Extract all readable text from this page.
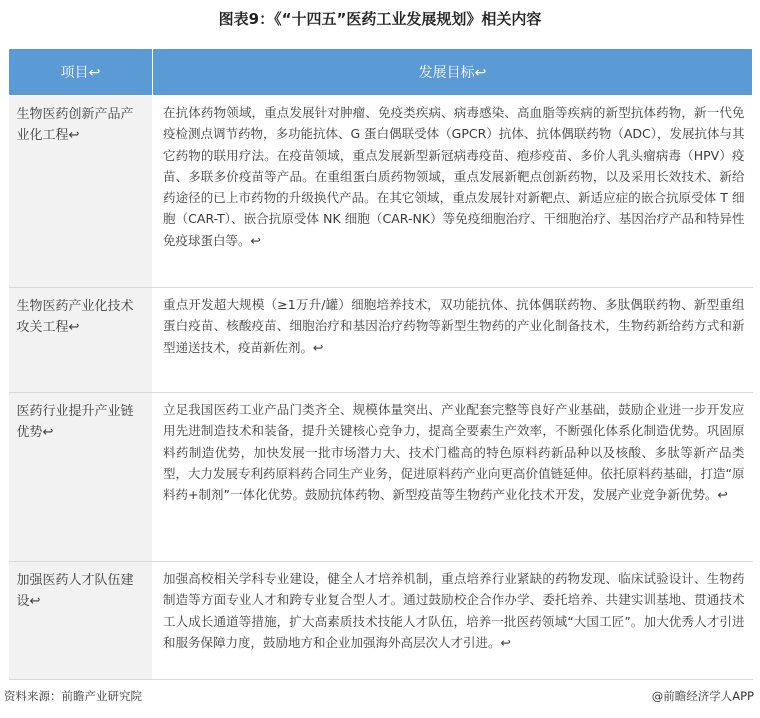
图表9：《“十四五”医药工业发展规划》相关内容
项目↩	发展目标↩
生物医药创新产品产业化工程↩	在抗体药物领域，重点发展针对肿瘤、免疫类疾病、病毒感染、高血脂等疾病的新型抗体药物，新一代免疫检测点调节药物，多功能抗体、G 蛋白偶联受体（GPCR）抗体、抗体偶联药物（ADC），发展抗体与其它药物的联用疗法。在疫苗领域，重点发展新型新冠病毒疫苗、疱疹疫苗、多价人乳头瘤病毒（HPV）疫苗、多联多价疫苗等产品。在重组蛋白质药物领域，重点发展新靶点创新药物，以及采用长效技术、新给药途径的已上市药物的升级换代产品。在其它领域，重点发展针对新靶点、新适应症的嵌合抗原受体 T 细胞（CAR-T）、嵌合抗原受体 NK 细胞（CAR-NK）等免疫细胞治疗、干细胞治疗、基因治疗产品和特异性免疫球蛋白等。↩
生物医药产业化技术攻关工程↩	重点开发超大规模（≥1万升/罐）细胞培养技术，双功能抗体、抗体偶联药物、多肽偶联药物、新型重组蛋白疫苗、核酸疫苗、细胞治疗和基因治疗药物等新型生物药的产业化制备技术，生物药新给药方式和新型递送技术，疫苗新佐剂。↩
医药行业提升产业链优势↩	立足我国医药工业产品门类齐全、规模体量突出、产业配套完整等良好产业基础，鼓励企业进一步开发应用先进制造技术和装备，提升关键核心竞争力，提高全要素生产效率，不断强化体系化制造优势。巩固原料药制造优势，加快发展一批市场潜力大、技术门槛高的特色原料药新品种以及核酸、多肽等新产品类型，大力发展专利药原料药合同生产业务，促进原料药产业向更高价值链延伸。依托原料药基础，打造“原料药+制剂”一体化优势。鼓励抗体药物、新型疫苗等生物药产业化技术开发，发展产业竞争新优势。↩
加强医药人才队伍建设↩	加强高校相关学科专业建设，健全人才培养机制，重点培养行业紧缺的药物发现、临床试验设计、生物药制造等方面专业人才和跨专业复合型人才。通过鼓励校企合作办学、委托培养、共建实训基地、贯通技术工人成长通道等措施，扩大高素质技术技能人才队伍，培养一批医药领域“大国工匠”。加大优秀人才引进和服务保障力度，鼓励地方和企业加强海外高层次人才引进。↩
资料来源：前瞻产业研究院	@前瞻经济学人APP
